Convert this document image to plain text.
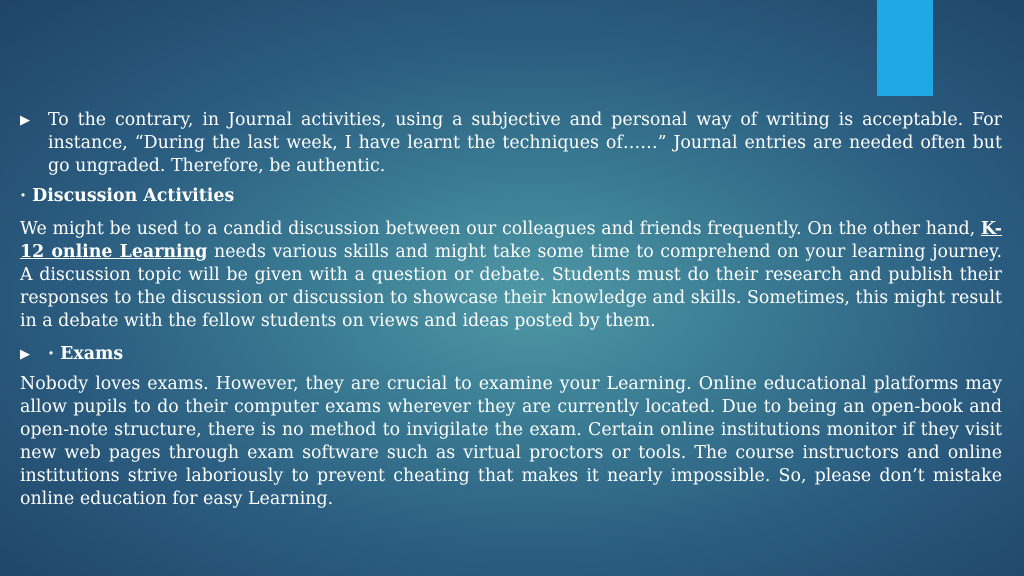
▶	To the contrary, in Journal activities, using a subjective and personal way of writing is acceptable. For instance, “During the last week, I have learnt the techniques of……” Journal entries are needed often but go ungraded. Therefore, be authentic.
· Discussion Activities
We might be used to a candid discussion between our colleagues and friends frequently. On the other hand, K-12 online Learning needs various skills and might take some time to comprehend on your learning journey. A discussion topic will be given with a question or debate. Students must do their research and publish their responses to the discussion or discussion to showcase their knowledge and skills. Sometimes, this might result in a debate with the fellow students on views and ideas posted by them.
▶	· Exams
Nobody loves exams. However, they are crucial to examine your Learning. Online educational platforms may allow pupils to do their computer exams wherever they are currently located. Due to being an open-book and open-note structure, there is no method to invigilate the exam. Certain online institutions monitor if they visit new web pages through exam software such as virtual proctors or tools. The course instructors and online institutions strive laboriously to prevent cheating that makes it nearly impossible. So, please don’t mistake online education for easy Learning.
